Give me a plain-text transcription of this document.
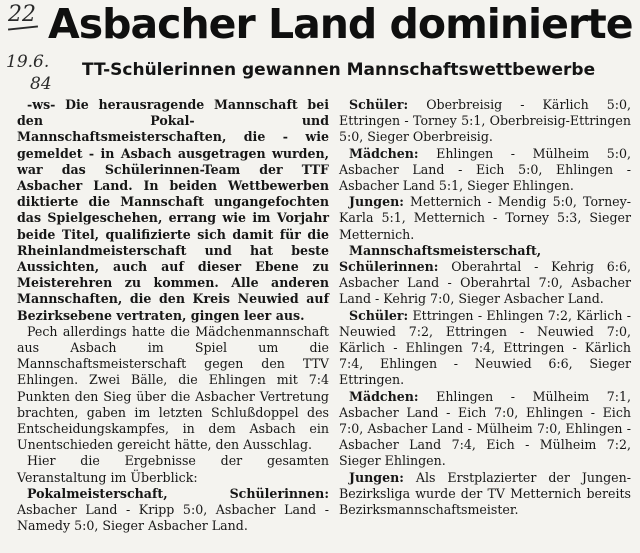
22
19.6.
84
Asbacher Land dominierte
TT-Schülerinnen gewannen Mannschaftswettbewerbe

-ws- Die herausragende Mannschaft bei den Pokal- und Mannschaftsmeisterschaften, die - wie gemeldet - in Asbach ausgetragen wurden, war das Schülerinnen-Team der TTF Asbacher Land. In beiden Wettbewerben diktierte die Mannschaft ungangefochten das Spielgeschehen, errang wie im Vorjahr beide Titel, qualifizierte sich damit für die Rheinlandmeisterschaft und hat beste Aussichten, auch auf dieser Ebene zu Meisterehren zu kommen. Alle anderen Mannschaften, die den Kreis Neuwied auf Bezirksebene vertraten, gingen leer aus.

Pech allerdings hatte die Mädchenmannschaft aus Asbach im Spiel um die Mannschaftsmeisterschaft gegen den TTV Ehlingen. Zwei Bälle, die Ehlingen mit 7:4 Punkten den Sieg über die Asbacher Vertretung brachten, gaben im letzten Schlußdoppel des Entscheidungskampfes, in dem Asbach ein Unentschieden gereicht hätte, den Ausschlag.

Hier die Ergebnisse der gesamten Veranstaltung im Überblick:

Pokalmeisterschaft, Schülerinnen: Asbacher Land - Kripp 5:0, Asbacher Land - Namedy 5:0, Sieger Asbacher Land.

Schüler: Oberbreisig - Kärlich 5:0, Ettringen - Torney 5:1, Oberbreisig-Ettringen 5:0, Sieger Oberbreisig.

Mädchen: Ehlingen - Mülheim 5:0, Asbacher Land - Eich 5:0, Ehlingen - Asbacher Land 5:1, Sieger Ehlingen.

Jungen: Metternich - Mendig 5:0, Torney-Karla 5:1, Metternich - Torney 5:3, Sieger Metternich.

Mannschaftsmeisterschaft, Schülerinnen: Oberahrtal - Kehrig 6:6, Asbacher Land - Oberahrtal 7:0, Asbacher Land - Kehrig 7:0, Sieger Asbacher Land.

Schüler: Ettringen - Ehlingen 7:2, Kärlich - Neuwied 7:2, Ettringen - Neuwied 7:0, Kärlich - Ehlingen 7:4, Ettringen - Kärlich 7:4, Ehlingen - Neuwied 6:6, Sieger Ettringen.

Mädchen: Ehlingen - Mülheim 7:1, Asbacher Land - Eich 7:0, Ehlingen - Eich 7:0, Asbacher Land - Mülheim 7:0, Ehlingen - Asbacher Land 7:4, Eich - Mülheim 7:2, Sieger Ehlingen.

Jungen: Als Erstplazierter der Jungen-Bezirksliga wurde der TV Metternich bereits Bezirksmannschaftsmeister.
